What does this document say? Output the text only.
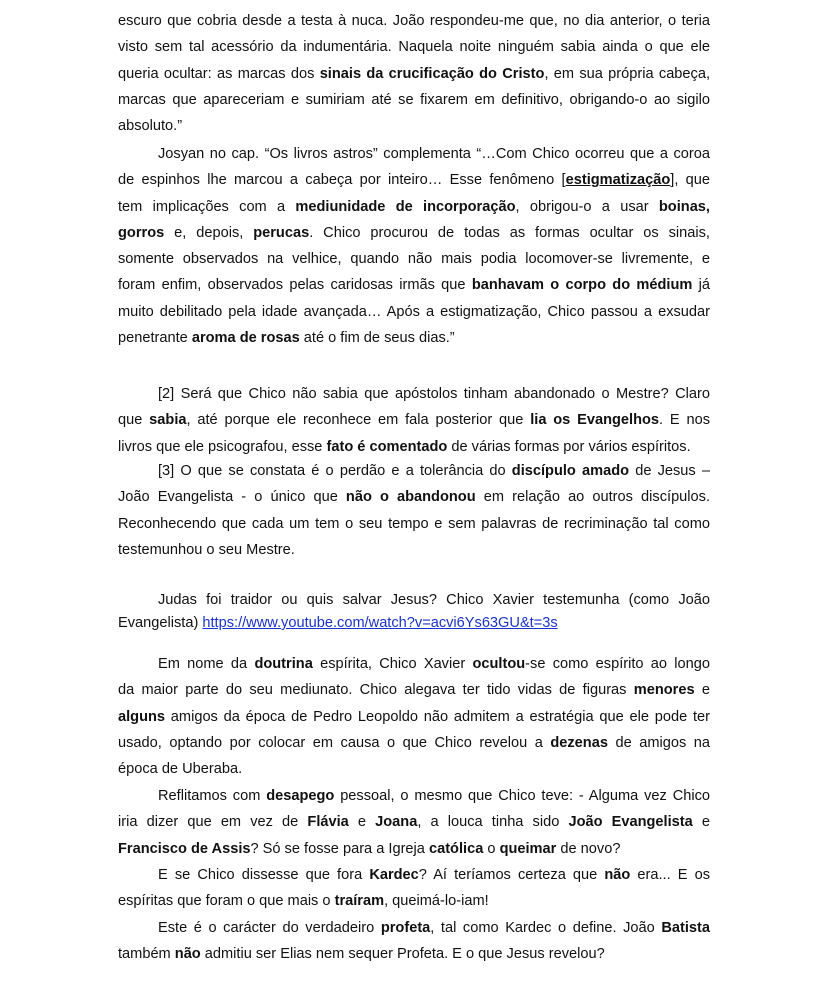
escuro que cobria desde a testa à nuca. João respondeu-me que, no dia anterior, o teria
visto sem tal acessório da indumentária. Naquela noite ninguém sabia ainda o que ele
queria ocultar: as marcas dos sinais da crucificação do Cristo, em sua própria cabeça,
marcas que apareceriam e sumiriam até se fixarem em definitivo, obrigando-o ao sigilo
absoluto.”
Josyan no cap. “Os livros astros” complementa “…Com Chico ocorreu que a coroa
de espinhos lhe marcou a cabeça por inteiro… Esse fenômeno [estigmatização], que
tem implicações com a mediunidade de incorporação, obrigou-o a usar boinas,
gorros e, depois, perucas. Chico procurou de todas as formas ocultar os sinais,
somente observados na velhice, quando não mais podia locomover-se livremente, e
foram enfim, observados pelas caridosas irmãs que banhavam o corpo do médium já
muito debilitado pela idade avançada… Após a estigmatização, Chico passou a exsudar
penetrante aroma de rosas até o fim de seus dias.”
[2] Será que Chico não sabia que apóstolos tinham abandonado o Mestre? Claro
que sabia, até porque ele reconhece em fala posterior que lia os Evangelhos. E nos
livros que ele psicografou, esse fato é comentado de várias formas por vários espíritos.
[3] O que se constata é o perdão e a tolerância do discípulo amado de Jesus –
João Evangelista - o único que não o abandonou em relação ao outros discípulos.
Reconhecendo que cada um tem o seu tempo e sem palavras de recriminação tal como
testemunhou o seu Mestre.
Judas foi traidor ou quis salvar Jesus? Chico Xavier testemunha (como João
Evangelista) https://www.youtube.com/watch?v=acvi6Ys63GU&t=3s
Em nome da doutrina espírita, Chico Xavier ocultou-se como espírito ao longo
da maior parte do seu mediunato. Chico alegava ter tido vidas de figuras menores e
alguns amigos da época de Pedro Leopoldo não admitem a estratégia que ele pode ter
usado, optando por colocar em causa o que Chico revelou a dezenas de amigos na
época de Uberaba.
Reflitamos com desapego pessoal, o mesmo que Chico teve: - Alguma vez Chico
iria dizer que em vez de Flávia e Joana, a louca tinha sido João Evangelista e
Francisco de Assis? Só se fosse para a Igreja católica o queimar de novo?
E se Chico dissesse que fora Kardec? Aí teríamos certeza que não era... E os
espíritas que foram o que mais o traíram, queimá-lo-iam!
Este é o carácter do verdadeiro profeta, tal como Kardec o define. João Batista
também não admitiu ser Elias nem sequer Profeta. E o que Jesus revelou?
